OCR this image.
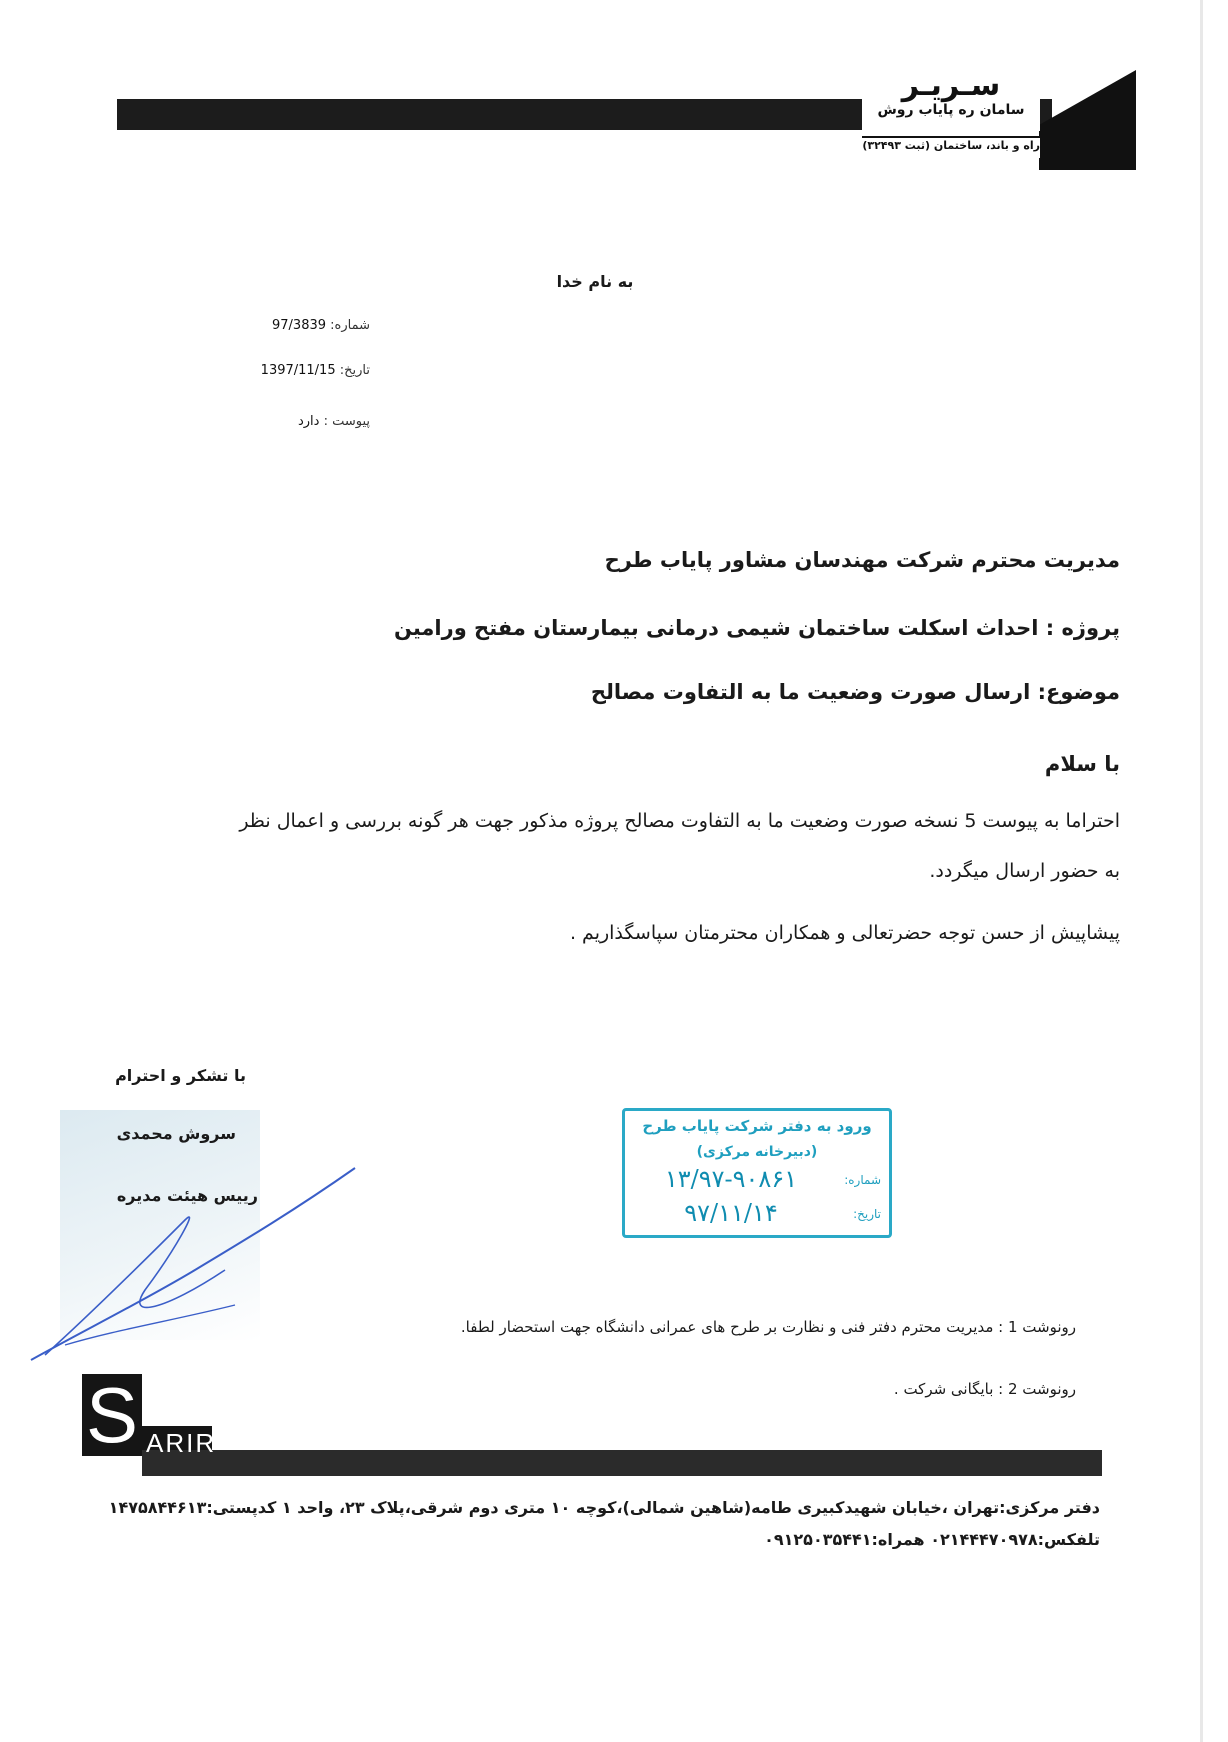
سـریـر
سامان ره پایاب روش
راه و باند، ساختمان (ثبت ۳۲۴۹۳)
به نام خدا
شماره: 97/3839
تاریخ: 1397/11/15
پیوست : دارد
مدیریت محترم شرکت مهندسان مشاور پایاب طرح
پروژه : احداث اسکلت ساختمان شیمی درمانی بیمارستان مفتح ورامین
موضوع: ارسال صورت وضعیت ما به التفاوت مصالح
با سلام
احتراما به پیوست 5 نسخه صورت وضعیت ما به التفاوت مصالح پروژه مذکور جهت هر گونه بررسی و اعمال نظر
به حضور ارسال میگردد.
پیشاپیش از حسن توجه حضرتعالی و همکاران محترمتان سپاسگذاریم .
با تشکر و احترام
سروش محمدی
رییس هیئت مدیره
ورود به دفتر شرکت پایاب طرح
(دبیرخانه مرکزی)
شماره:
۱۳/۹۷-۹۰۸۶۱
تاریخ:
۹۷/۱۱/۱۴
رونوشت 1 : مدیریت محترم دفتر فنی و نظارت بر طرح های عمرانی دانشگاه جهت استحضار لطفا.
رونوشت 2 : بایگانی شرکت .
S ARIR
دفتر مرکزی:تهران ،خیابان شهیدکبیری طامه(شاهین شمالی)،کوچه ۱۰ متری دوم شرقی،پلاک ۲۳، واحد ۱ کدپستی:۱۴۷۵۸۴۴۶۱۳
تلفکس:۰۲۱۴۴۴۷۰۹۷۸ همراه:۰۹۱۲۵۰۳۵۴۴۱
